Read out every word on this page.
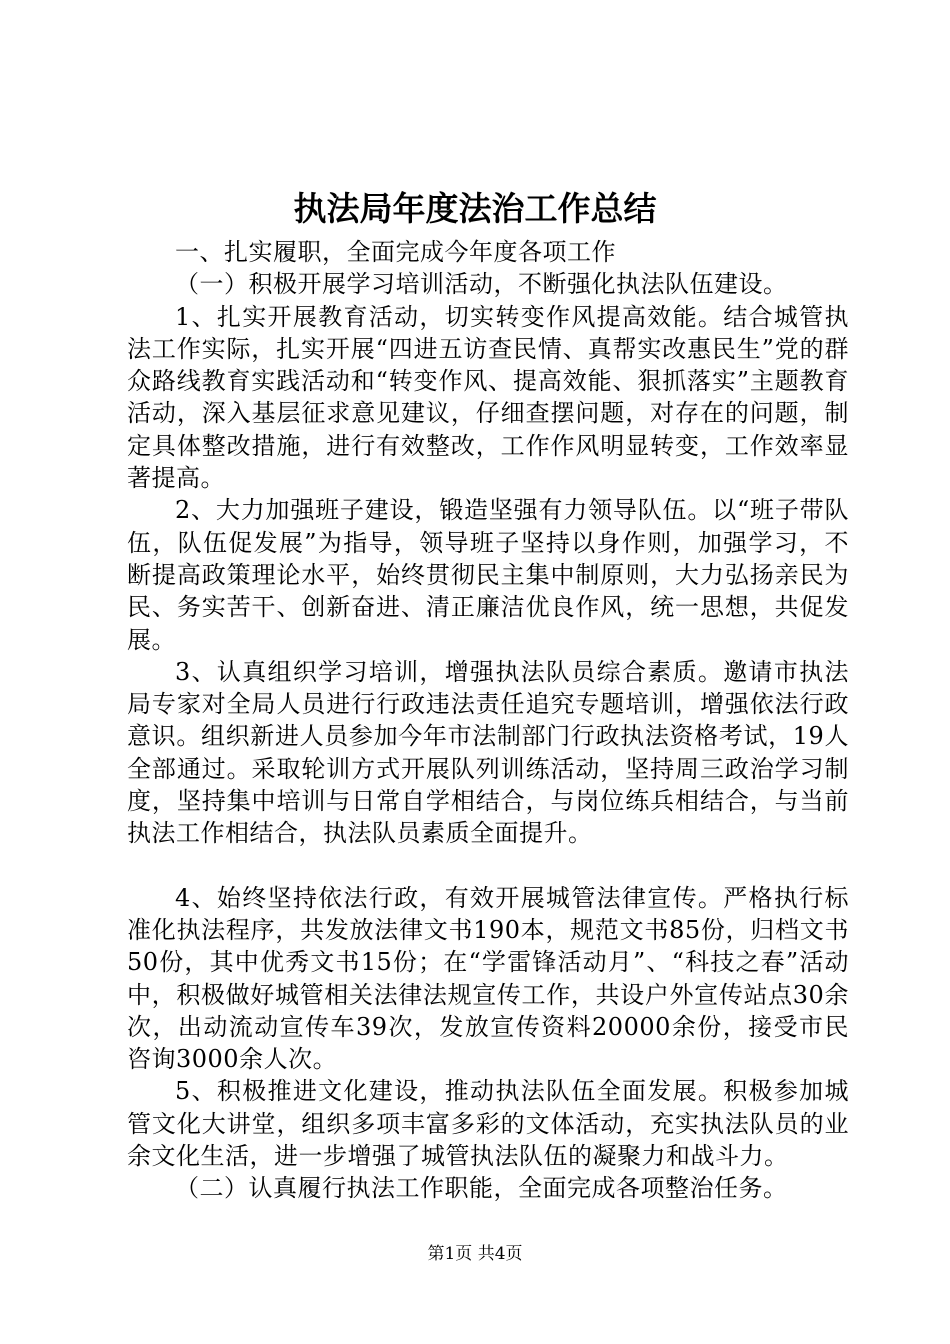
执法局年度法治工作总结

一、扎实履职，全面完成今年度各项工作

（一）积极开展学习培训活动，不断强化执法队伍建设。

1、扎实开展教育活动，切实转变作风提高效能。结合城管执法工作实际，扎实开展“四进五访查民情、真帮实改惠民生”党的群众路线教育实践活动和“转变作风、提高效能、狠抓落实”主题教育活动，深入基层征求意见建议，仔细查摆问题，对存在的问题，制定具体整改措施，进行有效整改，工作作风明显转变，工作效率显著提高。

2、大力加强班子建设，锻造坚强有力领导队伍。以“班子带队伍，队伍促发展”为指导，领导班子坚持以身作则，加强学习，不断提高政策理论水平，始终贯彻民主集中制原则，大力弘扬亲民为民、务实苦干、创新奋进、清正廉洁优良作风，统一思想，共促发展。

3、认真组织学习培训，增强执法队员综合素质。邀请市执法局专家对全局人员进行行政违法责任追究专题培训，增强依法行政意识。组织新进人员参加今年市法制部门行政执法资格考试，19人全部通过。采取轮训方式开展队列训练活动，坚持周三政治学习制度，坚持集中培训与日常自学相结合，与岗位练兵相结合，与当前执法工作相结合，执法队员素质全面提升。

4、始终坚持依法行政，有效开展城管法律宣传。严格执行标准化执法程序，共发放法律文书190本，规范文书85份，归档文书50份，其中优秀文书15份；在“学雷锋活动月”、“科技之春”活动中，积极做好城管相关法律法规宣传工作，共设户外宣传站点30余次，出动流动宣传车39次，发放宣传资料20000余份，接受市民咨询3000余人次。

5、积极推进文化建设，推动执法队伍全面发展。积极参加城管文化大讲堂，组织多项丰富多彩的文体活动，充实执法队员的业余文化生活，进一步增强了城管执法队伍的凝聚力和战斗力。

（二）认真履行执法工作职能，全面完成各项整治任务。

第1页 共4页
